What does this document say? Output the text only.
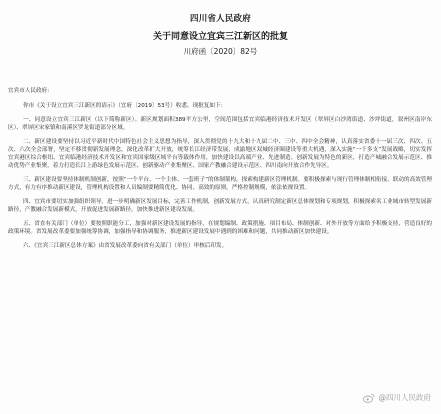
四川省人民政府
关于同意设立宜宾三江新区的批复
川府函〔2020〕82号

宜宾市人民政府：

你市《关于设立宜宾三江新区的请示》（宜府〔2019〕53号）收悉。现批复如下：

一、同意设立宜宾三江新区（以下简称新区）。新区规划面积389平方公里，空间范围包括宜宾临港经济技术开发区（翠屏区白沙湾街道、沙坪街道，叙州区南岸东区）、翠屏区宋家镇和南溪区罗龙街道部分区域。

二、新区建设要坚持以习近平新时代中国特色社会主义思想为指导，深入贯彻党的十九大和十九届二中、三中、四中全会精神，认真落实省委十一届三次、四次、五次、六次全会部署，坚定不移贯彻新发展理念，深化改革扩大开放，统筹长江经济带发展、成渝地区双城经济圈建设等重大机遇，深入实施“一干多支”发展战略，切实发挥宜宾港区综合枢纽、宜宾临港经济技术开发区和宜宾国家级区域平台等载体作用，加快建设以高端产业、先进制造、创新发展为特色的新区，打造产城融合发展示范区、推动优势产业集聚，着力打造长江上游绿色发展示范区、创新驱动产业集聚区、国家产教融合建设示范区、四川南向开放合作先导区。

三、新区建设要坚持体制机制创新，按照“一个平台、一个主体、一套班子”的体制架构，探索构建新区管理机制。要积极探索与现行管理体制相衔接、联动的高效管理方式，有力有序推动新区建设，管理机构设置和人员编制要精简优化、协同、高效的原则，严格控制规模，依法依规设置。

四、宜宾市要切实加强组织领导，进一步明确新区发展目标，完善工作机制，创新发展方式，认真研究制定新区总体规划和专项规划，积极探索名工业城市转型发展新路径，产教融合发展新模式，开放促进发展新路径，加快推进新区建设发展。

五、省直有关部门（单位）要按照职能分工，加强对新区建设发展的指导，在规划编制、政策措施、项目布局、体制创新、对外开放等方面给予积极支持，营造良好的政策环境。省发展改革委要加强统筹协调，加强指导和协调服务，推进新区建设发展中遇到的困难和问题，共同推动新区加快建设。

六、《宜宾三江新区总体方案》由省发展改革委向省有关部门（单位）审核后印发。

@四川人民政府
